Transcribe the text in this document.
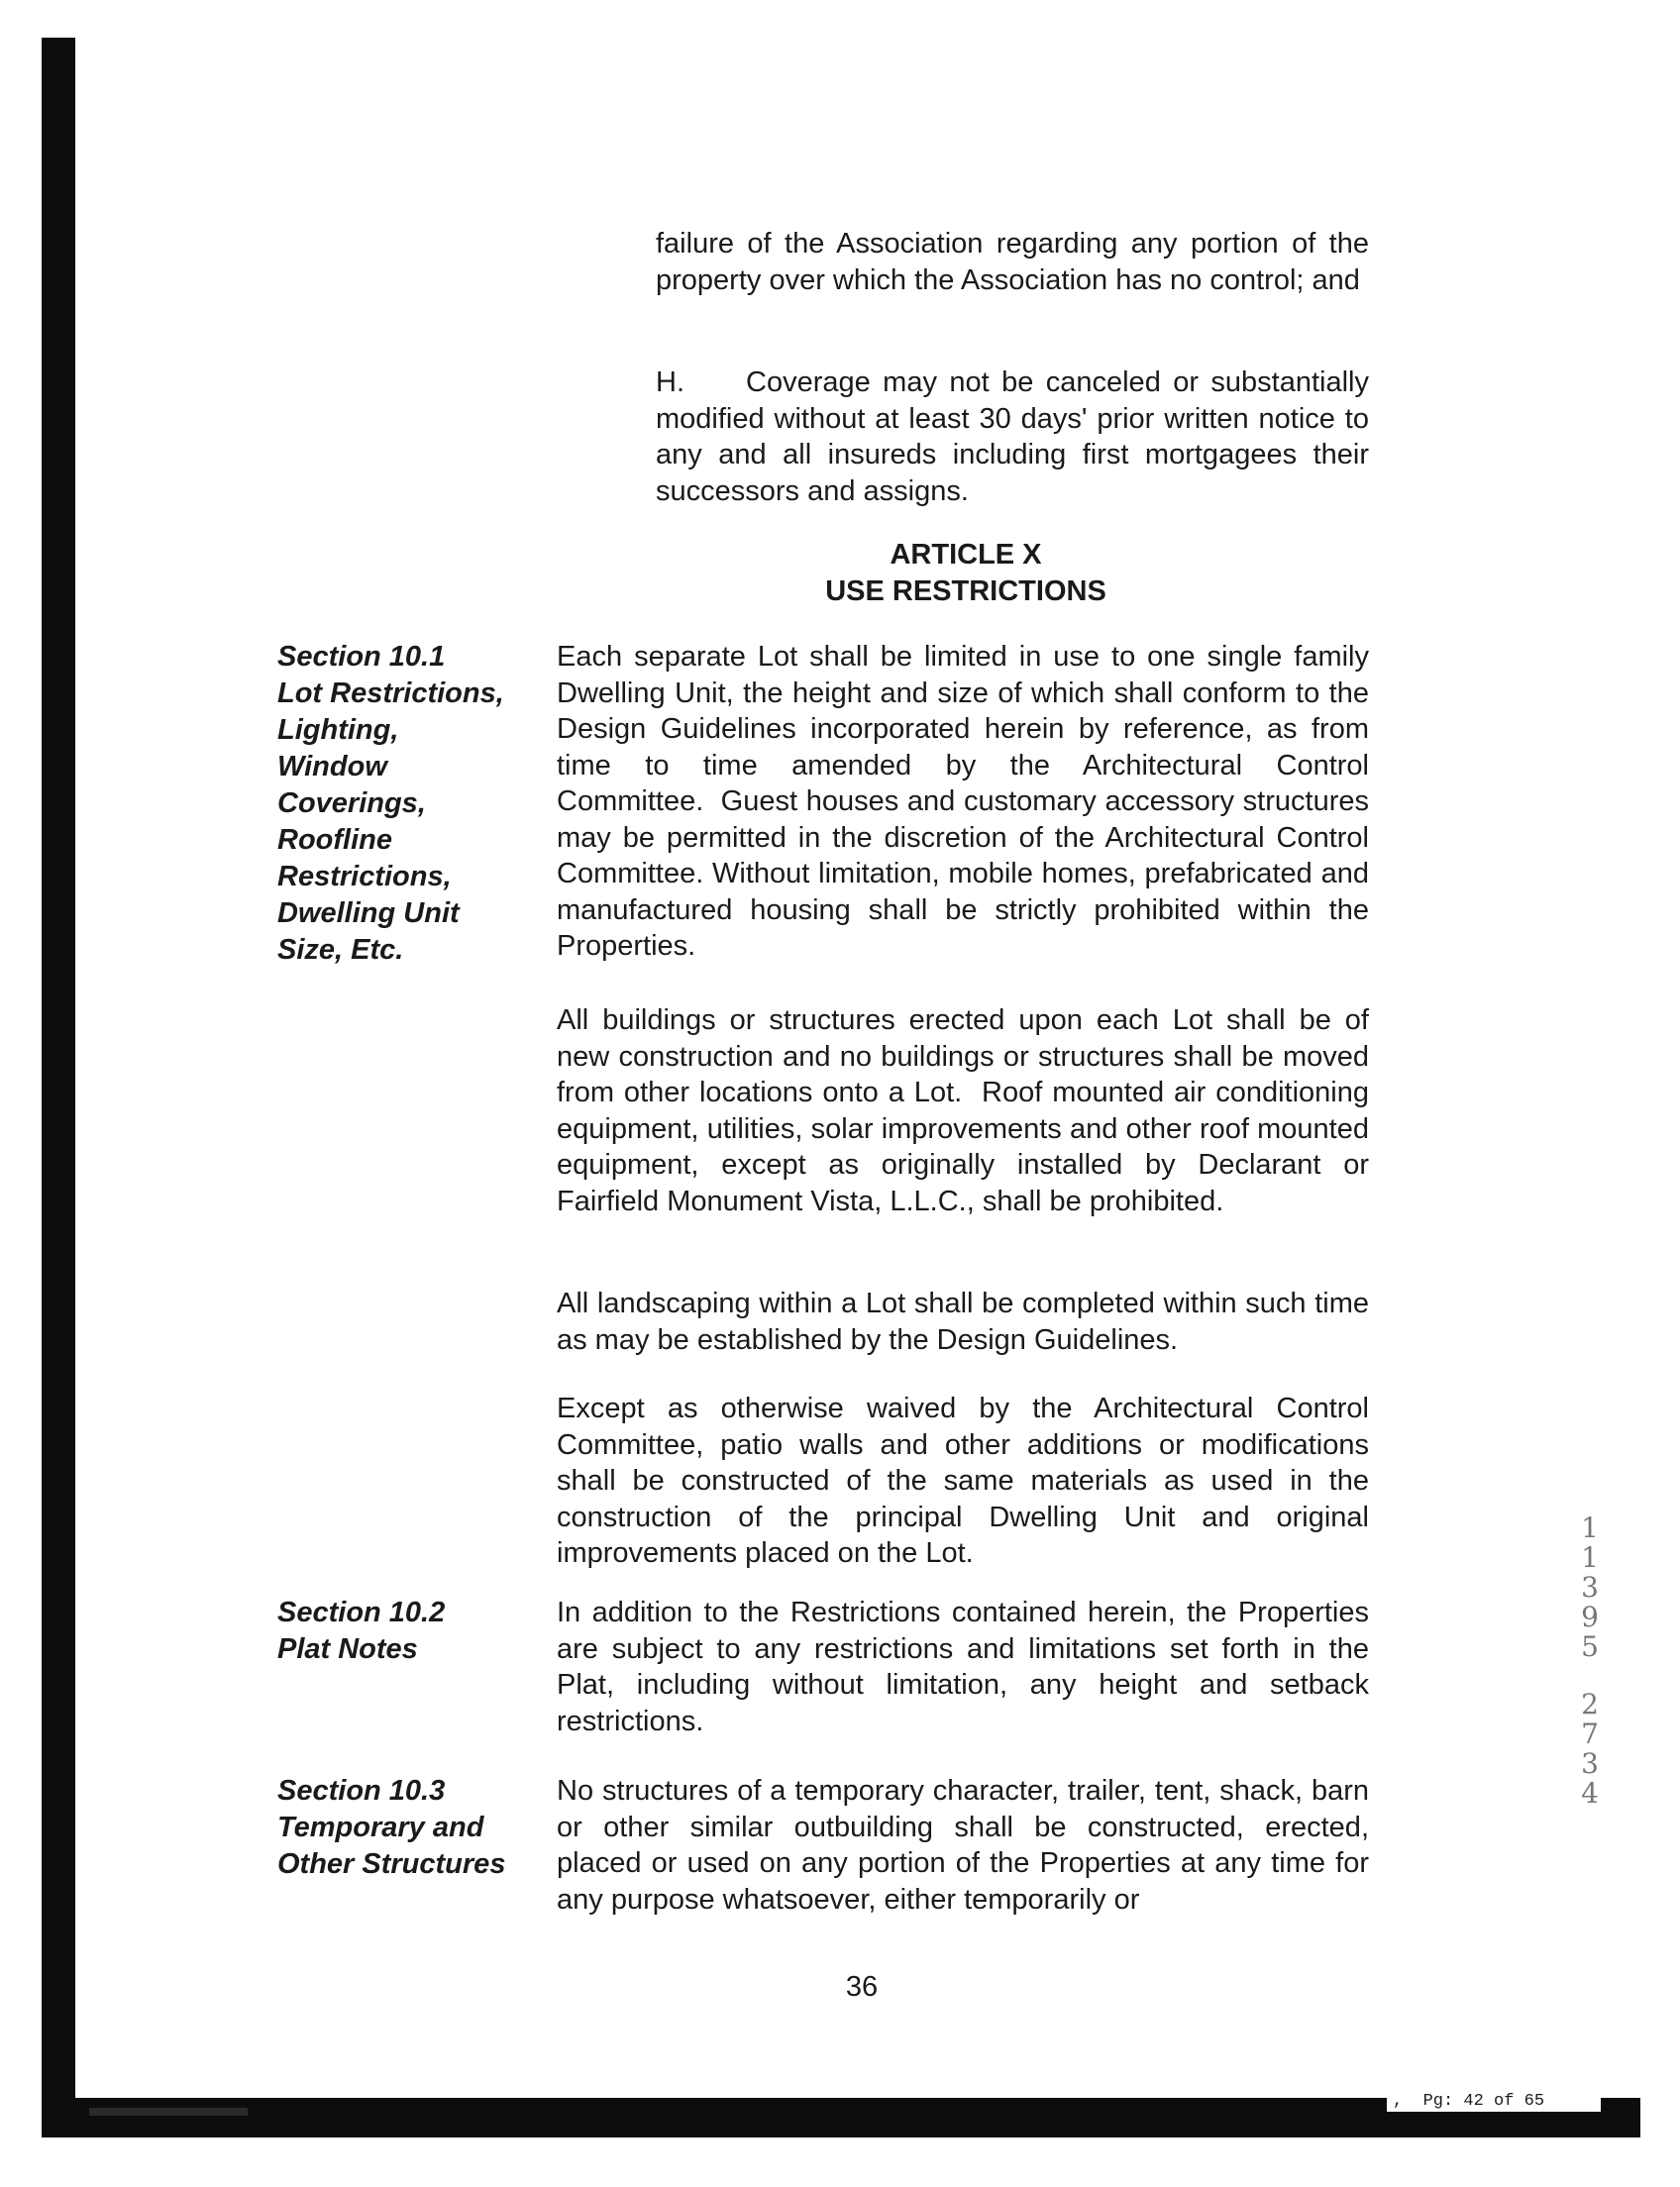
failure of the Association regarding any portion of the property over which the Association has no control; and

H.     Coverage may not be canceled or substantially modified without at least 30 days' prior written notice to any and all insureds including first mortgagees their successors and assigns.

ARTICLE X
USE RESTRICTIONS
Section 10.1
Lot Restrictions,
Lighting,
Window
Coverings,
Roofline
Restrictions,
Dwelling Unit
Size, Etc.

Each separate Lot shall be limited in use to one single family Dwelling Unit, the height and size of which shall conform to the Design Guidelines incorporated herein by reference, as from time to time amended by the Architectural Control Committee.  Guest houses and customary accessory structures may be permitted in the discretion of the Architectural Control Committee. Without limitation, mobile homes, prefabricated and manufactured housing shall be strictly prohibited within the Properties.

All buildings or structures erected upon each Lot shall be of new construction and no buildings or structures shall be moved from other locations onto a Lot.  Roof mounted air conditioning equipment, utilities, solar improvements and other roof mounted equipment, except as originally installed by Declarant or Fairfield Monument Vista, L.L.C., shall be prohibited.

All landscaping within a Lot shall be completed within such time as may be established by the Design Guidelines.

Except as otherwise waived by the Architectural Control Committee, patio walls and other additions or modifications shall be constructed of the same materials as used in the construction of the principal Dwelling Unit and original improvements placed on the Lot.

Section 10.2
Plat Notes

In addition to the Restrictions contained herein, the Properties are subject to any restrictions and limitations set forth in the Plat, including without limitation, any height and setback restrictions.

Section 10.3
Temporary and
Other Structures

No structures of a temporary character, trailer, tent, shack, barn or other similar outbuilding shall be constructed, erected, placed or used on any portion of the Properties at any time for any purpose whatsoever, either temporarily or

36
1
1
3
9
5
2
7
3
4
,  Pg: 42 of 65
